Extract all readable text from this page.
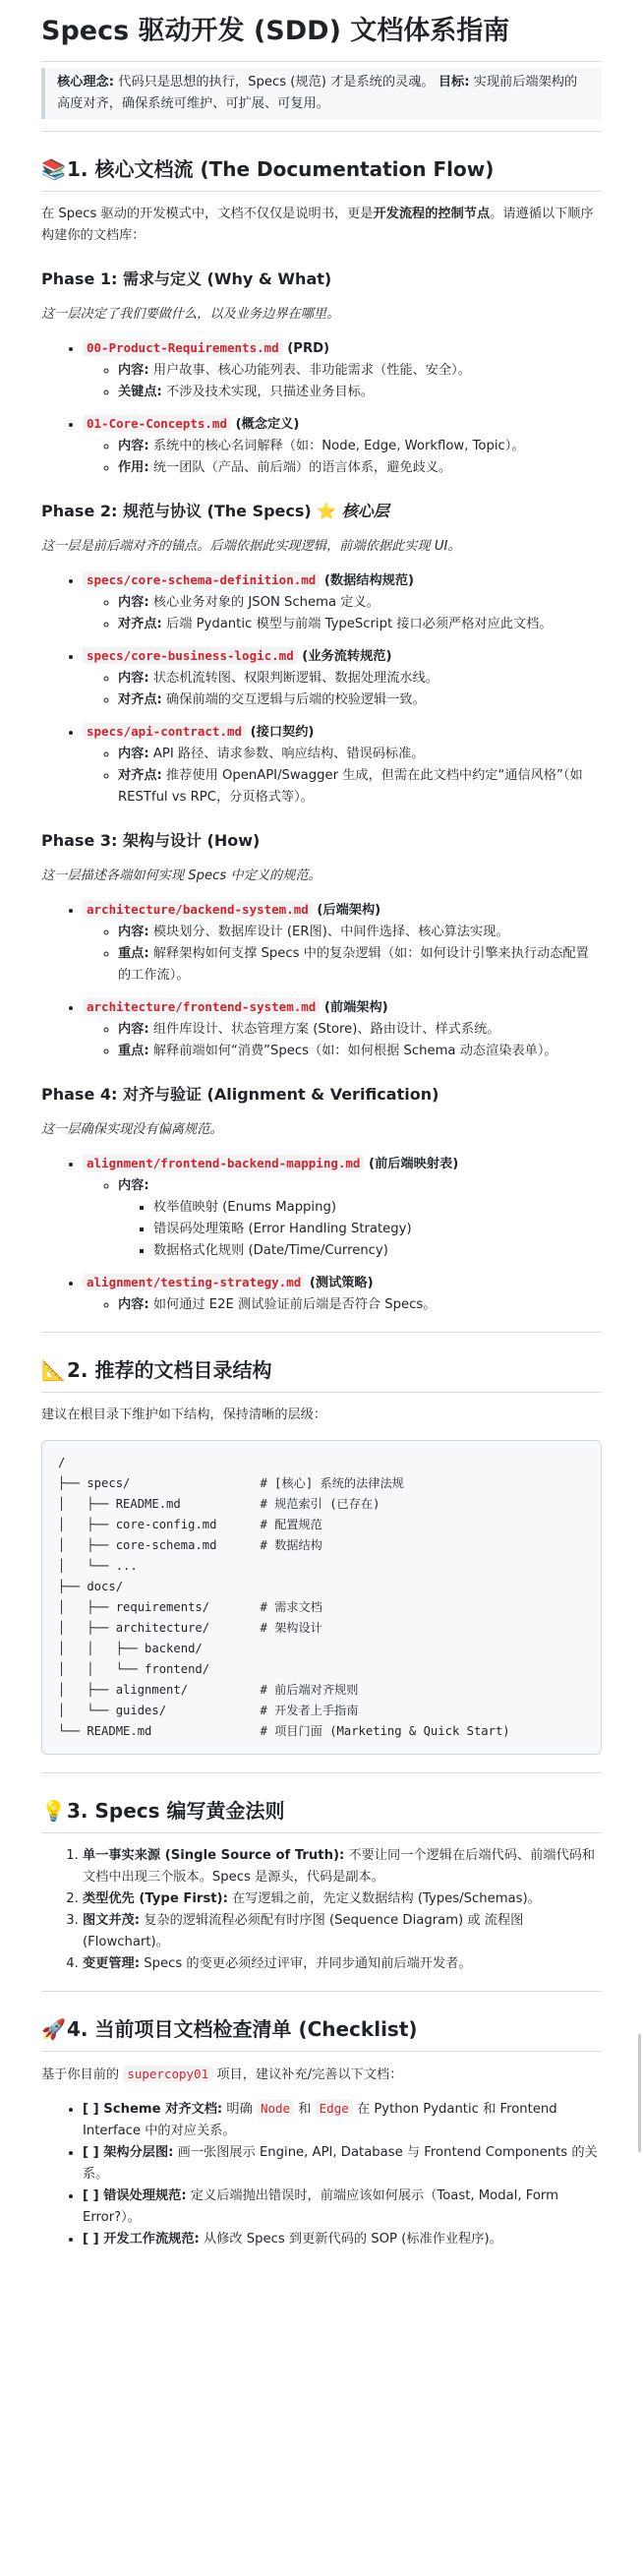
Specs 驱动开发 (SDD) 文档体系指南
核心理念: 代码只是思想的执行，Specs (规范) 才是系统的灵魂。 目标: 实现前后端架构的高度对齐，确保系统可维护、可扩展、可复用。
📚1. 核心文档流 (The Documentation Flow)

在 Specs 驱动的开发模式中，文档不仅仅是说明书，更是开发流程的控制节点。请遵循以下顺序构建你的文档库：

Phase 1: 需求与定义 (Why & What)

这一层决定了我们要做什么，以及业务边界在哪里。

• 00-Product-Requirements.md (PRD)
◦ 内容: 用户故事、核心功能列表、非功能需求（性能、安全）。
◦ 关键点: 不涉及技术实现，只描述业务目标。
• 01-Core-Concepts.md (概念定义)
◦ 内容: 系统中的核心名词解释（如：Node, Edge, Workflow, Topic）。
◦ 作用: 统一团队（产品、前后端）的语言体系，避免歧义。
Phase 2: 规范与协议 (The Specs) ⭐ 核心层

这一层是前后端对齐的锚点。后端依据此实现逻辑，前端依据此实现 UI。

• specs/core-schema-definition.md (数据结构规范)
◦ 内容: 核心业务对象的 JSON Schema 定义。
◦ 对齐点: 后端 Pydantic 模型与前端 TypeScript 接口必须严格对应此文档。
• specs/core-business-logic.md (业务流转规范)
◦ 内容: 状态机流转图、权限判断逻辑、数据处理流水线。
◦ 对齐点: 确保前端的交互逻辑与后端的校验逻辑一致。
• specs/api-contract.md (接口契约)
◦ 内容: API 路径、请求参数、响应结构、错误码标准。
◦ 对齐点: 推荐使用 OpenAPI/Swagger 生成，但需在此文档中约定“通信风格”（如 RESTful vs RPC，分页格式等）。
Phase 3: 架构与设计 (How)

这一层描述各端如何实现 Specs 中定义的规范。

• architecture/backend-system.md (后端架构)
◦ 内容: 模块划分、数据库设计 (ER图)、中间件选择、核心算法实现。
◦ 重点: 解释架构如何支撑 Specs 中的复杂逻辑（如：如何设计引擎来执行动态配置的工作流）。
• architecture/frontend-system.md (前端架构)
◦ 内容: 组件库设计、状态管理方案 (Store)、路由设计、样式系统。
◦ 重点: 解释前端如何“消费”Specs（如：如何根据 Schema 动态渲染表单）。
Phase 4: 对齐与验证 (Alignment & Verification)

这一层确保实现没有偏离规范。

• alignment/frontend-backend-mapping.md (前后端映射表)
◦ 内容:
▪ 枚举值映射 (Enums Mapping)
▪ 错误码处理策略 (Error Handling Strategy)
▪ 数据格式化规则 (Date/Time/Currency)
• alignment/testing-strategy.md (测试策略)
◦ 内容: 如何通过 E2E 测试验证前后端是否符合 Specs。
📐2. 推荐的文档目录结构

建议在根目录下维护如下结构，保持清晰的层级：

/
├── specs/                  # [核心] 系统的法律法规
│   ├── README.md           # 规范索引 (已存在)
│   ├── core-config.md      # 配置规范
│   ├── core-schema.md      # 数据结构
│   └── ...
├── docs/
│   ├── requirements/       # 需求文档
│   ├── architecture/       # 架构设计
│   │   ├── backend/
│   │   └── frontend/
│   ├── alignment/          # 前后端对齐规则
│   └── guides/             # 开发者上手指南
└── README.md               # 项目门面 (Marketing & Quick Start)
💡3. Specs 编写黄金法则
1. 单一事实来源 (Single Source of Truth): 不要让同一个逻辑在后端代码、前端代码和文档中出现三个版本。Specs 是源头，代码是副本。
2. 类型优先 (Type First): 在写逻辑之前，先定义数据结构 (Types/Schemas)。
3. 图文并茂: 复杂的逻辑流程必须配有时序图 (Sequence Diagram) 或 流程图 (Flowchart)。
4. 变更管理: Specs 的变更必须经过评审，并同步通知前后端开发者。
🚀4. 当前项目文档检查清单 (Checklist)

基于你目前的 supercopy01 项目，建议补充/完善以下文档：

• [ ] Scheme 对齐文档: 明确 Node 和 Edge 在 Python Pydantic 和 Frontend Interface 中的对应关系。
• [ ] 架构分层图: 画一张图展示 Engine, API, Database 与 Frontend Components 的关系。
• [ ] 错误处理规范: 定义后端抛出错误时，前端应该如何展示（Toast, Modal, Form Error?）。
• [ ] 开发工作流规范: 从修改 Specs 到更新代码的 SOP (标准作业程序)。
